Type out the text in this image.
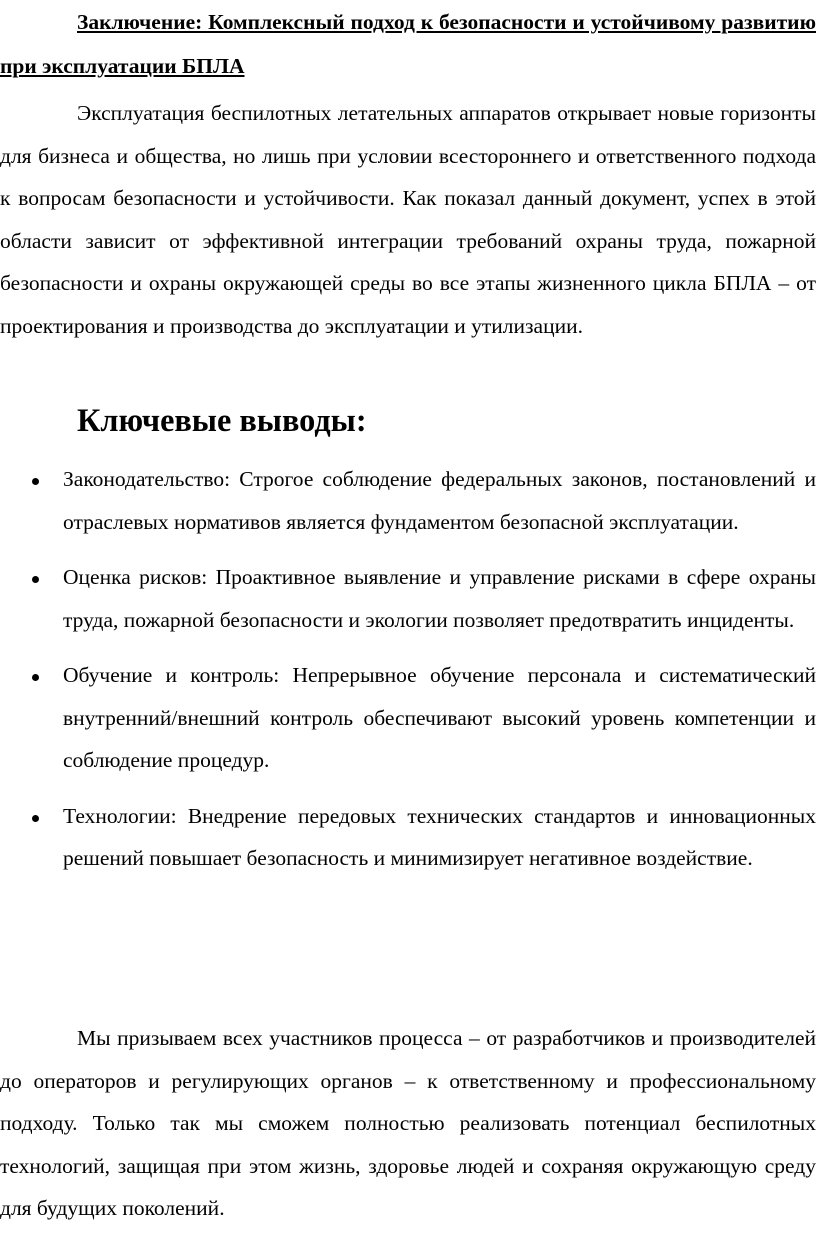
Заключение: Комплексный подход к безопасности и устойчивому развитию при эксплуатации БПЛА

Эксплуатация беспилотных летательных аппаратов открывает новые горизонты для бизнеса и общества, но лишь при условии всестороннего и ответственного подхода к вопросам безопасности и устойчивости. Как показал данный документ, успех в этой области зависит от эффективной интеграции требований охраны труда, пожарной безопасности и охраны окружающей среды во все этапы жизненного цикла БПЛА – от проектирования и производства до эксплуатации и утилизации.

Ключевые выводы:
Законодательство: Строгое соблюдение федеральных законов, постановлений и отраслевых нормативов является фундаментом безопасной эксплуатации.
Оценка рисков: Проактивное выявление и управление рисками в сфере охраны труда, пожарной безопасности и экологии позволяет предотвратить инциденты.
Обучение и контроль: Непрерывное обучение персонала и систематический внутренний/внешний контроль обеспечивают высокий уровень компетенции и соблюдение процедур.
Технологии: Внедрение передовых технических стандартов и инновационных решений повышает безопасность и минимизирует негативное воздействие.

Мы призываем всех участников процесса – от разработчиков и производителей до операторов и регулирующих органов – к ответственному и профессиональному подходу. Только так мы сможем полностью реализовать потенциал беспилотных технологий, защищая при этом жизнь, здоровье людей и сохраняя окружающую среду для будущих поколений.
